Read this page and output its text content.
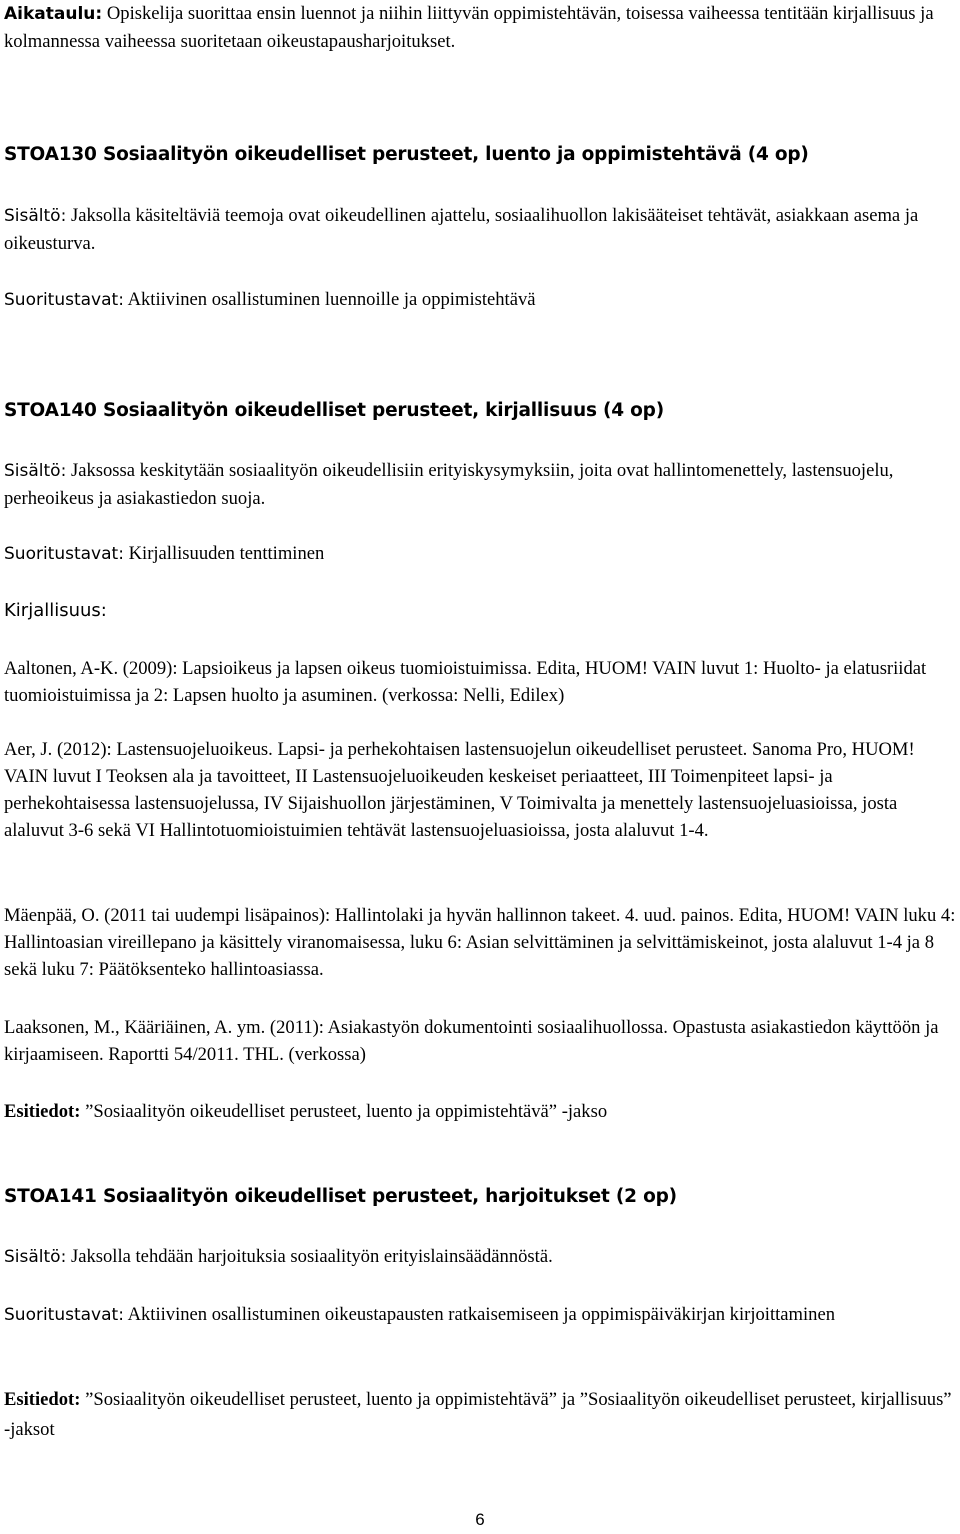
Aikataulu: Opiskelija suorittaa ensin luennot ja niihin liittyvän oppimistehtävän, toisessa vaiheessa tentitään kirjallisuus ja kolmannessa vaiheessa suoritetaan oikeustapausharjoitukset.

STOA130 Sosiaalityön oikeudelliset perusteet, luento ja oppimistehtävä (4 op)

Sisältö: Jaksolla käsiteltäviä teemoja ovat oikeudellinen ajattelu, sosiaalihuollon lakisääteiset tehtävät, asiakkaan asema ja oikeusturva.

Suoritustavat: Aktiivinen osallistuminen luennoille ja oppimistehtävä

STOA140 Sosiaalityön oikeudelliset perusteet, kirjallisuus (4 op)

Sisältö: Jaksossa keskitytään sosiaalityön oikeudellisiin erityiskysymyksiin, joita ovat hallintomenettely, lastensuojelu, perheoikeus ja asiakastiedon suoja.

Suoritustavat: Kirjallisuuden tenttiminen

Kirjallisuus:

Aaltonen, A-K. (2009): Lapsioikeus ja lapsen oikeus tuomioistuimissa. Edita, HUOM! VAIN luvut 1: Huolto- ja elatusriidat tuomioistuimissa ja 2: Lapsen huolto ja asuminen. (verkossa: Nelli, Edilex)

Aer, J. (2012): Lastensuojeluoikeus. Lapsi- ja perhekohtaisen lastensuojelun oikeudelliset perusteet. Sanoma Pro, HUOM! VAIN luvut I Teoksen ala ja tavoitteet, II Lastensuojeluoikeuden keskeiset periaatteet, III Toimenpiteet lapsi- ja perhekohtaisessa lastensuojelussa, IV Sijaishuollon järjestäminen, V Toimivalta ja menettely lastensuojeluasioissa, josta alaluvut 3-6 sekä VI Hallintotuomioistuimien tehtävät lastensuojeluasioissa, josta alaluvut 1-4.

Mäenpää, O. (2011 tai uudempi lisäpainos): Hallintolaki ja hyvän hallinnon takeet. 4. uud. painos. Edita, HUOM! VAIN luku 4: Hallintoasian vireillepano ja käsittely viranomaisessa, luku 6: Asian selvittäminen ja selvittämiskeinot, josta alaluvut 1-4 ja 8 sekä luku 7: Päätöksenteko hallintoasiassa.

Laaksonen, M., Kääriäinen, A. ym. (2011): Asiakastyön dokumentointi sosiaalihuollossa. Opastusta asiakastiedon käyttöön ja kirjaamiseen. Raportti 54/2011. THL. (verkossa)

Esitiedot: ”Sosiaalityön oikeudelliset perusteet, luento ja oppimistehtävä” -jakso

STOA141 Sosiaalityön oikeudelliset perusteet, harjoitukset (2 op)

Sisältö: Jaksolla tehdään harjoituksia sosiaalityön erityislainsäädännöstä.

Suoritustavat: Aktiivinen osallistuminen oikeustapausten ratkaisemiseen ja oppimispäiväkirjan kirjoittaminen

Esitiedot: ”Sosiaalityön oikeudelliset perusteet, luento ja oppimistehtävä” ja ”Sosiaalityön oikeudelliset perusteet, kirjallisuus” -jaksot

6
